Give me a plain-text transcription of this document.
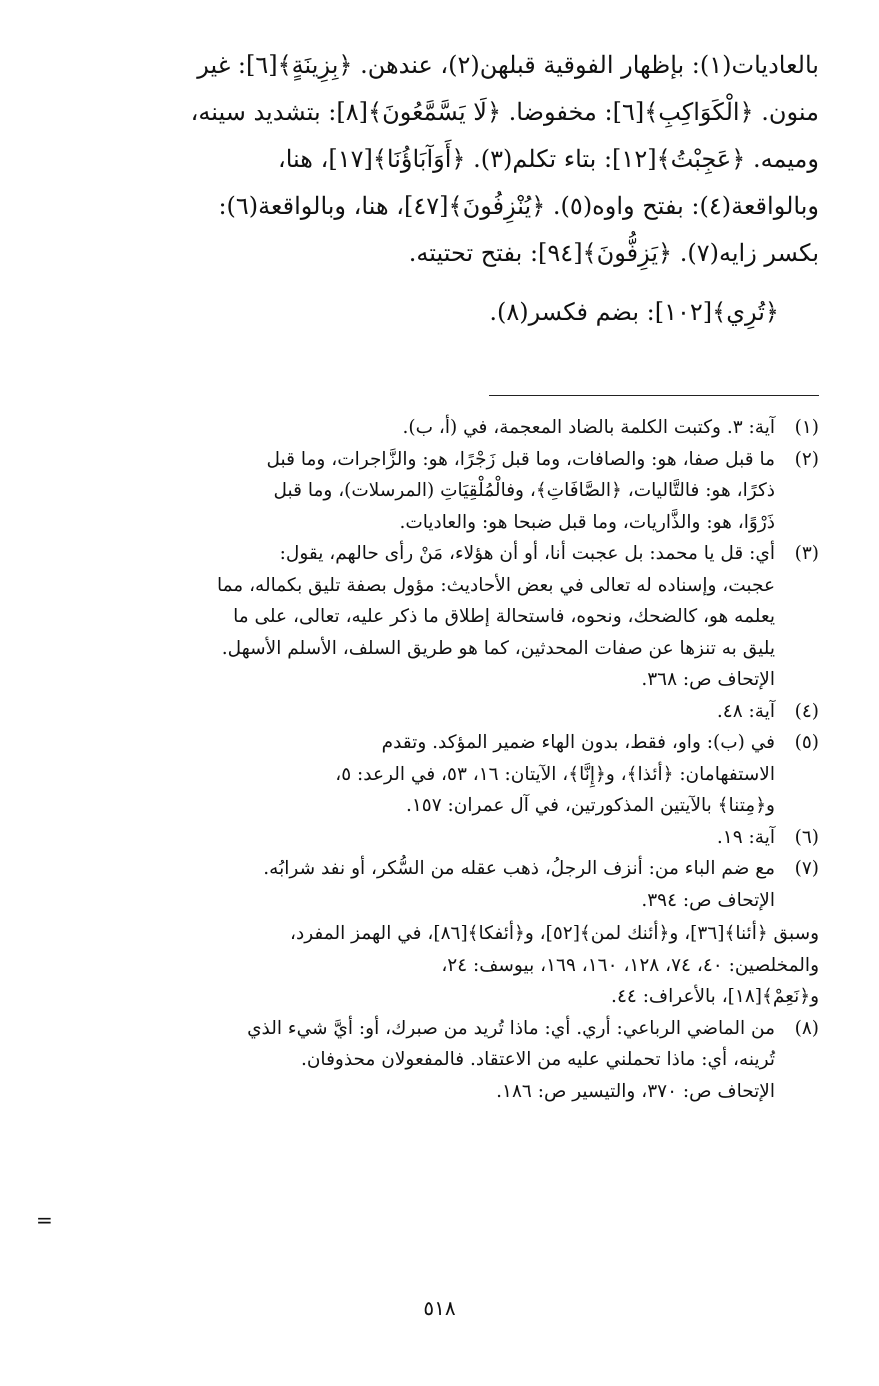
بالعاديات(١): بإظهار الفوقية قبلهن(٢)، عندهن. ﴿بِزِينَةٍ﴾[٦]: غير

منون. ﴿الْكَوَاكِبِ﴾[٦]: مخفوضا. ﴿لَا يَسَّمَّعُونَ﴾[٨]: بتشديد سينه،

وميمه. ﴿عَجِبْتُ﴾[١٢]: بتاء تكلم(٣). ﴿أَوَآبَاؤُنَا﴾[١٧]، هنا،

وبالواقعة(٤): بفتح واوه(٥). ﴿يُنْزِفُونَ﴾[٤٧]، هنا، وبالواقعة(٦):

بكسر زايه(٧). ﴿يَزِفُّونَ﴾[٩٤]: بفتح تحتيته.

﴿تُرِي﴾[١٠٢]: بضم فكسر(٨).

(١)
آية: ٣. وكتبت الكلمة بالضاد المعجمة، في (أ، ب).
(٢)
ما قبل صفا، هو: والصافات، وما قبل زَجْرًا، هو: والزَّاجرات، وما قبل
ذكرًا، هو: فالتَّاليات، ﴿الصَّافَاتِ﴾، وفالْمُلْقِيَاتِ (المرسلات)، وما قبل
ذَرْوًا، هو: والذَّاريات، وما قبل ضبحا هو: والعاديات.
(٣)
أي: قل يا محمد: بل عجبت أنا، أو أن هؤلاء، مَنْ رأى حالهم، يقول:
عجبت، وإسناده له تعالى في بعض الأحاديث: مؤول بصفة تليق بكماله، مما
يعلمه هو، كالضحك، ونحوه، فاستحالة إطلاق ما ذكر عليه، تعالى، على ما
يليق به تنزها عن صفات المحدثين، كما هو طريق السلف، الأسلم الأسهل.
الإتحاف ص: ٣٦٨.
(٤)
آية: ٤٨.
(٥)
في (ب): واو، فقط، بدون الهاء ضمير المؤكد. وتقدم
الاستفهامان: ﴿أئذا﴾، و﴿إِنَّا﴾، الآيتان: ١٦، ٥٣، في الرعد: ٥،
و﴿مِتنا﴾ بالآيتين المذكورتين، في آل عمران: ١٥٧.
(٦)
آية: ١٩.
(٧)
مع ضم الباء من: أنزف الرجلُ، ذهب عقله من السُّكر، أو نفد شرابُه.
الإتحاف ص: ٣٩٤.
وسبق ﴿أئنا﴾[٣٦]، و﴿أئنك لمن﴾[٥٢]، و﴿أئفكا﴾[٨٦]، في الهمز المفرد،
والمخلصين: ٤٠، ٧٤، ١٢٨، ١٦٠، ١٦٩، بيوسف: ٢٤،
و﴿نَعِمْ﴾[١٨]، بالأعراف: ٤٤.
(٨)
من الماضي الرباعي: أري. أي: ماذا تُريد من صبرك، أو: أيَّ شيء الذي
تُرينه، أي: ماذا تحملني عليه من الاعتقاد. فالمفعولان محذوفان.
الإتحاف ص: ٣٧٠، والتيسير ص: ١٨٦.
=
٥١٨
